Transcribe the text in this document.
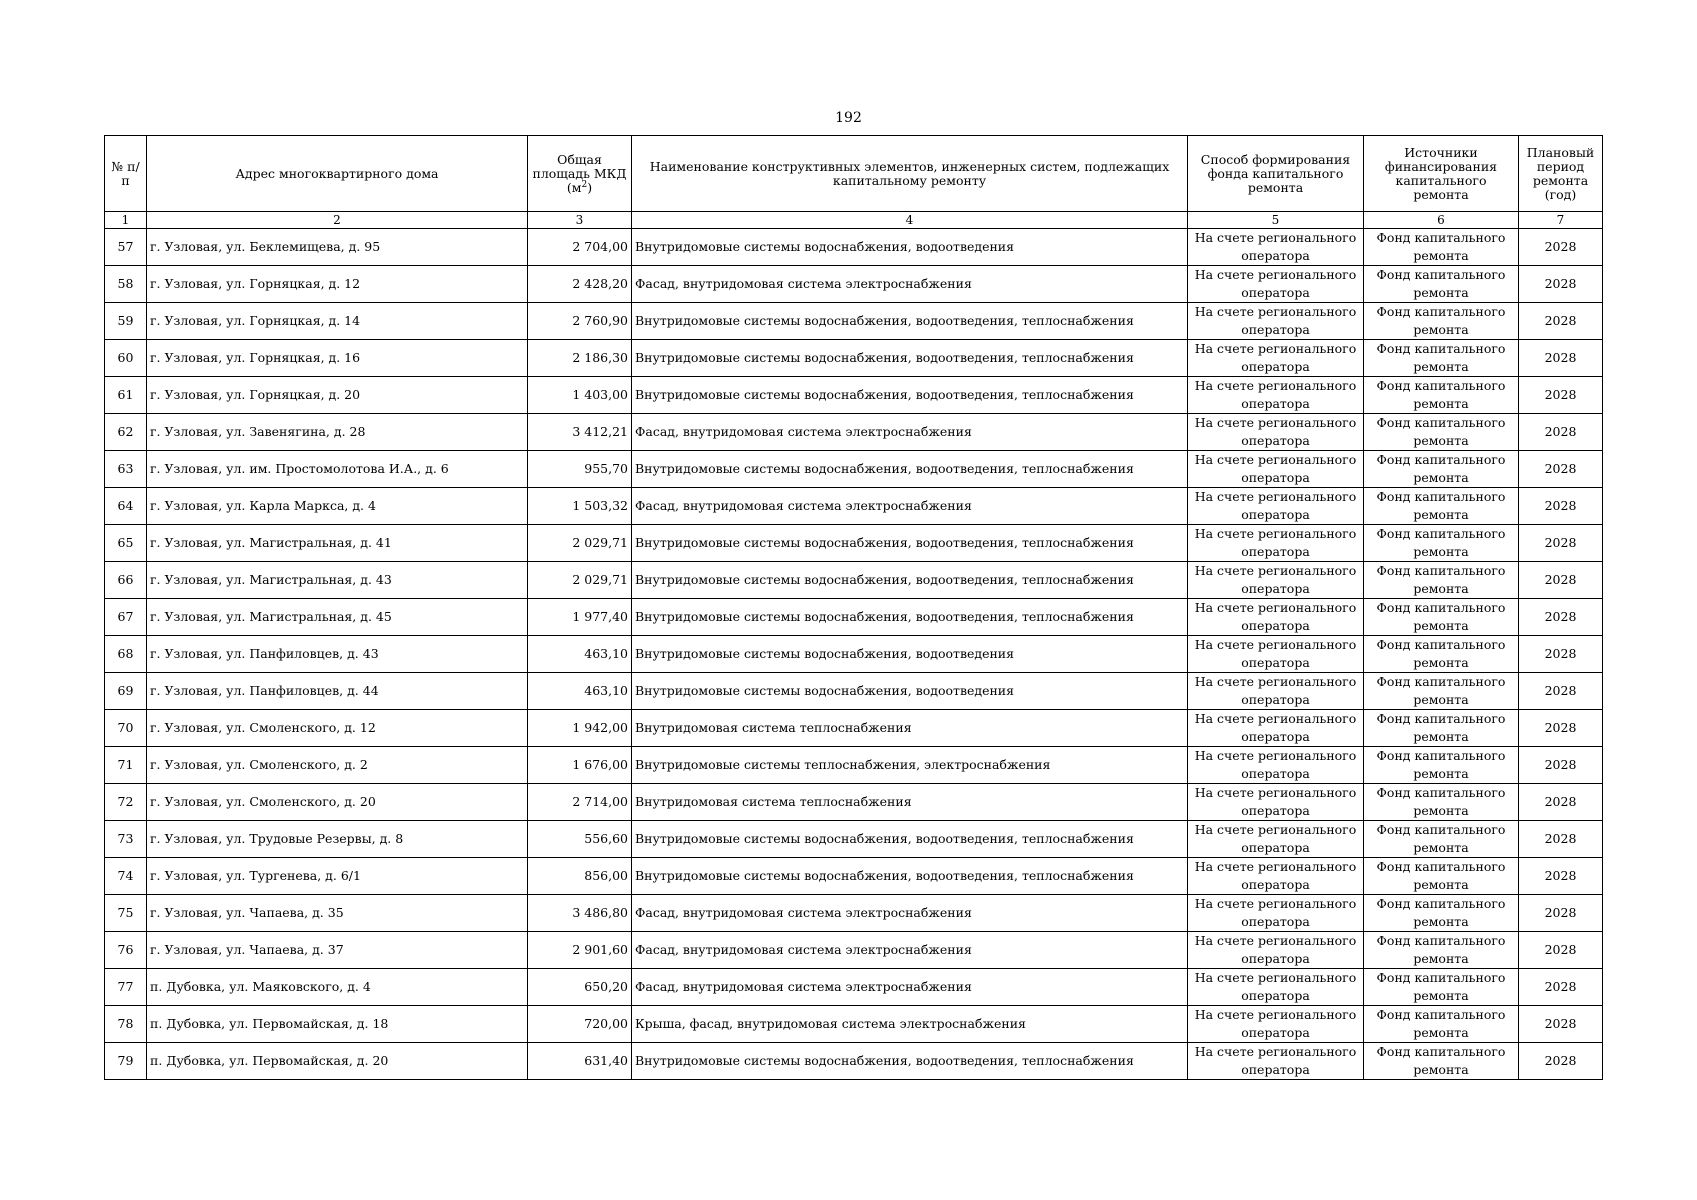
192
№ п/п	Адрес многоквартирного дома	Общая площадь МКД $(м^2)$	Наименование конструктивных элементов, инженерных систем, подлежащих капитальному ремонту	Способ формирования фонда капитального ремонта	Источники финансирования капитального ремонта	Плановый период ремонта (год)
1	2	3	4	5	6	7
57	г. Узловая, ул. Беклемищева, д. 95	2 704,00	Внутридомовые системы водоснабжения, водоотведения	На счете регионального оператора	Фонд капитального ремонта	2028
58	г. Узловая, ул. Горняцкая, д. 12	2 428,20	Фасад, внутридомовая система электроснабжения	На счете регионального оператора	Фонд капитального ремонта	2028
59	г. Узловая, ул. Горняцкая, д. 14	2 760,90	Внутридомовые системы водоснабжения, водоотведения, теплоснабжения	На счете регионального оператора	Фонд капитального ремонта	2028
60	г. Узловая, ул. Горняцкая, д. 16	2 186,30	Внутридомовые системы водоснабжения, водоотведения, теплоснабжения	На счете регионального оператора	Фонд капитального ремонта	2028
61	г. Узловая, ул. Горняцкая, д. 20	1 403,00	Внутридомовые системы водоснабжения, водоотведения, теплоснабжения	На счете регионального оператора	Фонд капитального ремонта	2028
62	г. Узловая, ул. Завенягина, д. 28	3 412,21	Фасад, внутридомовая система электроснабжения	На счете регионального оператора	Фонд капитального ремонта	2028
63	г. Узловая, ул. им. Простомолотова И.А., д. 6	955,70	Внутридомовые системы водоснабжения, водоотведения, теплоснабжения	На счете регионального оператора	Фонд капитального ремонта	2028
64	г. Узловая, ул. Карла Маркса, д. 4	1 503,32	Фасад, внутридомовая система электроснабжения	На счете регионального оператора	Фонд капитального ремонта	2028
65	г. Узловая, ул. Магистральная, д. 41	2 029,71	Внутридомовые системы водоснабжения, водоотведения, теплоснабжения	На счете регионального оператора	Фонд капитального ремонта	2028
66	г. Узловая, ул. Магистральная, д. 43	2 029,71	Внутридомовые системы водоснабжения, водоотведения, теплоснабжения	На счете регионального оператора	Фонд капитального ремонта	2028
67	г. Узловая, ул. Магистральная, д. 45	1 977,40	Внутридомовые системы водоснабжения, водоотведения, теплоснабжения	На счете регионального оператора	Фонд капитального ремонта	2028
68	г. Узловая, ул. Панфиловцев, д. 43	463,10	Внутридомовые системы водоснабжения, водоотведения	На счете регионального оператора	Фонд капитального ремонта	2028
69	г. Узловая, ул. Панфиловцев, д. 44	463,10	Внутридомовые системы водоснабжения, водоотведения	На счете регионального оператора	Фонд капитального ремонта	2028
70	г. Узловая, ул. Смоленского, д. 12	1 942,00	Внутридомовая система теплоснабжения	На счете регионального оператора	Фонд капитального ремонта	2028
71	г. Узловая, ул. Смоленского, д. 2	1 676,00	Внутридомовые системы теплоснабжения, электроснабжения	На счете регионального оператора	Фонд капитального ремонта	2028
72	г. Узловая, ул. Смоленского, д. 20	2 714,00	Внутридомовая система теплоснабжения	На счете регионального оператора	Фонд капитального ремонта	2028
73	г. Узловая, ул. Трудовые Резервы, д. 8	556,60	Внутридомовые системы водоснабжения, водоотведения, теплоснабжения	На счете регионального оператора	Фонд капитального ремонта	2028
74	г. Узловая, ул. Тургенева, д. 6/1	856,00	Внутридомовые системы водоснабжения, водоотведения, теплоснабжения	На счете регионального оператора	Фонд капитального ремонта	2028
75	г. Узловая, ул. Чапаева, д. 35	3 486,80	Фасад, внутридомовая система электроснабжения	На счете регионального оператора	Фонд капитального ремонта	2028
76	г. Узловая, ул. Чапаева, д. 37	2 901,60	Фасад, внутридомовая система электроснабжения	На счете регионального оператора	Фонд капитального ремонта	2028
77	п. Дубовка, ул. Маяковского, д. 4	650,20	Фасад, внутридомовая система электроснабжения	На счете регионального оператора	Фонд капитального ремонта	2028
78	п. Дубовка, ул. Первомайская, д. 18	720,00	Крыша, фасад, внутридомовая система электроснабжения	На счете регионального оператора	Фонд капитального ремонта	2028
79	п. Дубовка, ул. Первомайская, д. 20	631,40	Внутридомовые системы водоснабжения, водоотведения, теплоснабжения	На счете регионального оператора	Фонд капитального ремонта	2028
